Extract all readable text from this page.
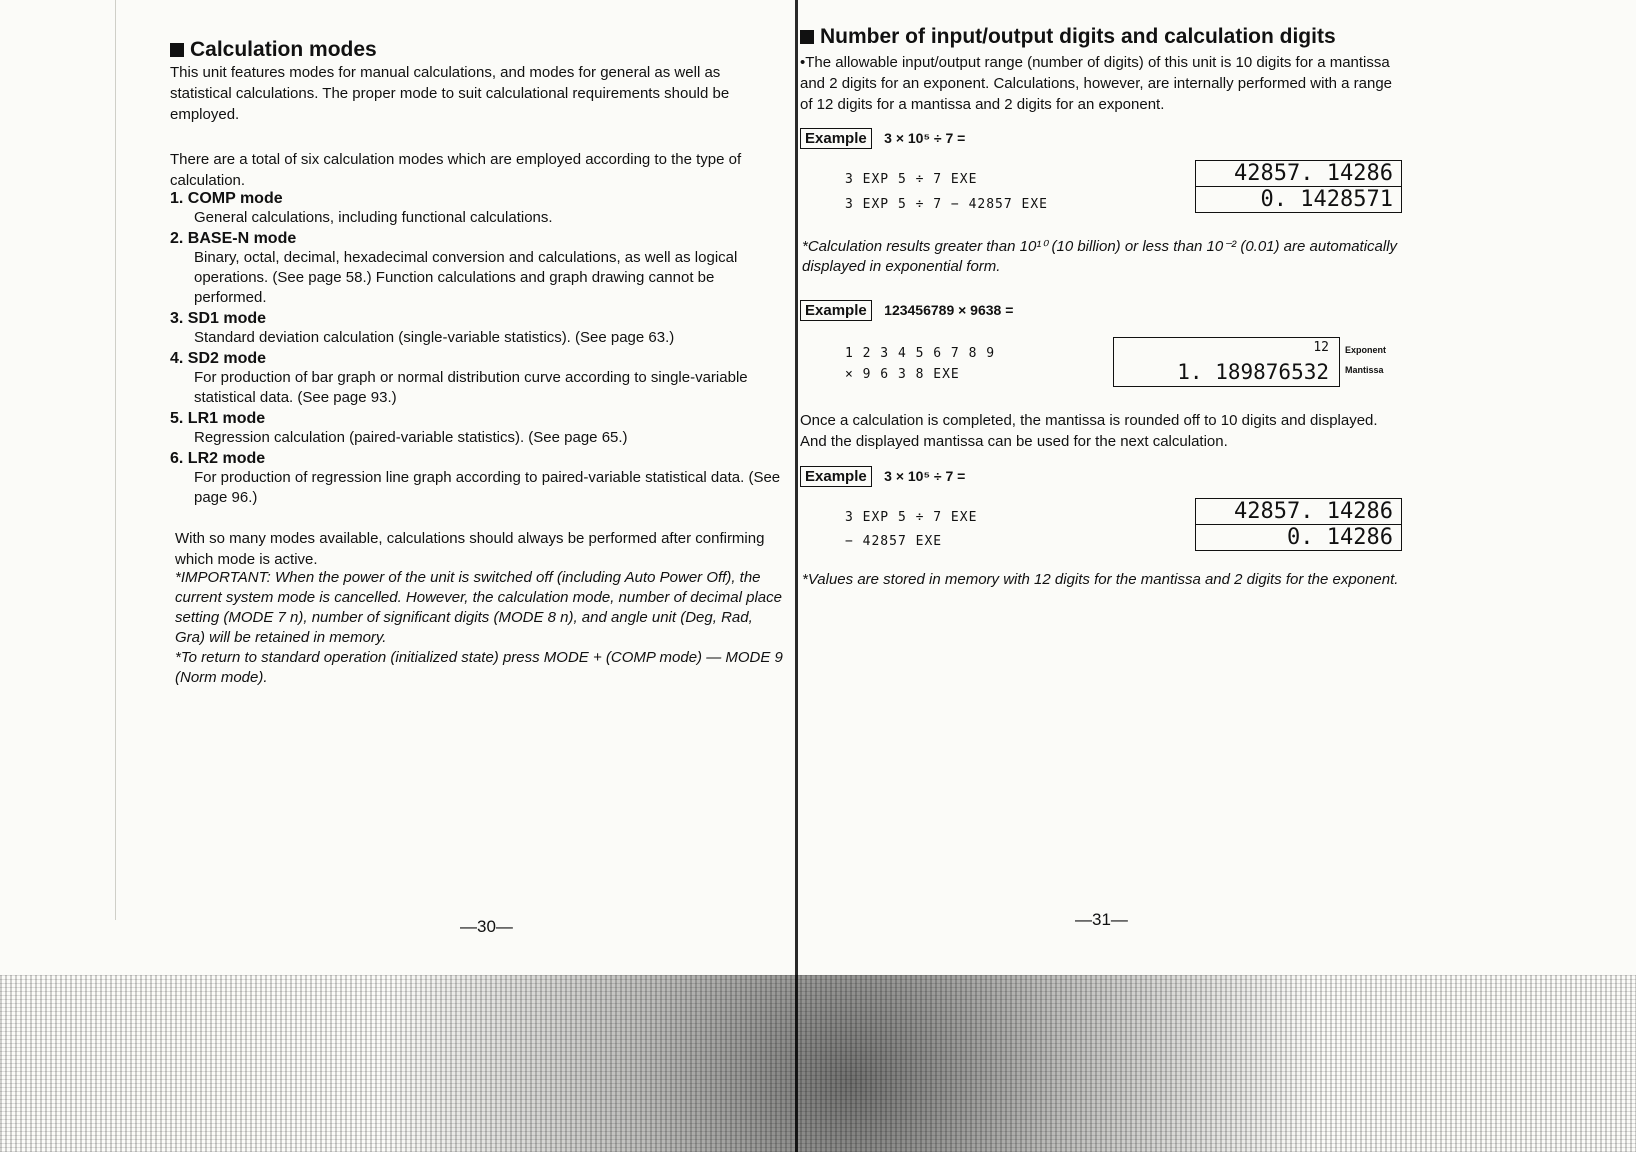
Calculation modes

This unit features modes for manual calculations, and modes for general as well as statistical calculations. The proper mode to suit calculational requirements should be employed.

There are a total of six calculation modes which are employed according to the type of calculation.

1. COMP mode
General calculations, including functional calculations.
2. BASE-N mode
Binary, octal, decimal, hexadecimal conversion and calculations, as well as logical operations. (See page 58.) Function calculations and graph drawing cannot be performed.
3. SD1 mode
Standard deviation calculation (single-variable statistics). (See page 63.)
4. SD2 mode
For production of bar graph or normal distribution curve according to single-variable statistical data. (See page 93.)
5. LR1 mode
Regression calculation (paired-variable statistics). (See page 65.)
6. LR2 mode
For production of regression line graph according to paired-variable statistical data. (See page 96.)

With so many modes available, calculations should always be performed after confirming which mode is active.

*IMPORTANT: When the power of the unit is switched off (including Auto Power Off), the current system mode is cancelled. However, the calculation mode, number of decimal place setting (MODE 7 n), number of significant digits (MODE 8 n), and angle unit (Deg, Rad, Gra) will be retained in memory.

*To return to standard operation (initialized state) press MODE + (COMP mode) — MODE 9 (Norm mode).

—30—
Number of input/output digits and calculation digits

•The allowable input/output range (number of digits) of this unit is 10 digits for a mantissa and 2 digits for an exponent. Calculations, however, are internally performed with a range of 12 digits for a mantissa and 2 digits for an exponent.

Example 3 × 10⁵ ÷ 7 =
3 EXP 5 ÷ 7 EXE
3 EXP 5 ÷ 7 − 42857 EXE
42857. 14286
0. 1428571

*Calculation results greater than 10¹⁰ (10 billion) or less than 10⁻² (0.01) are automatically displayed in exponential form.

Example 123456789 × 9638 =
1 2 3 4 5 6 7 8 9
× 9 6 3 8 EXE
12
1. 189876532
Exponent
Mantissa

Once a calculation is completed, the mantissa is rounded off to 10 digits and displayed. And the displayed mantissa can be used for the next calculation.

Example 3 × 10⁵ ÷ 7 =
3 EXP 5 ÷ 7 EXE
− 42857 EXE
42857. 14286
0. 14286

*Values are stored in memory with 12 digits for the mantissa and 2 digits for the exponent.

—31—
